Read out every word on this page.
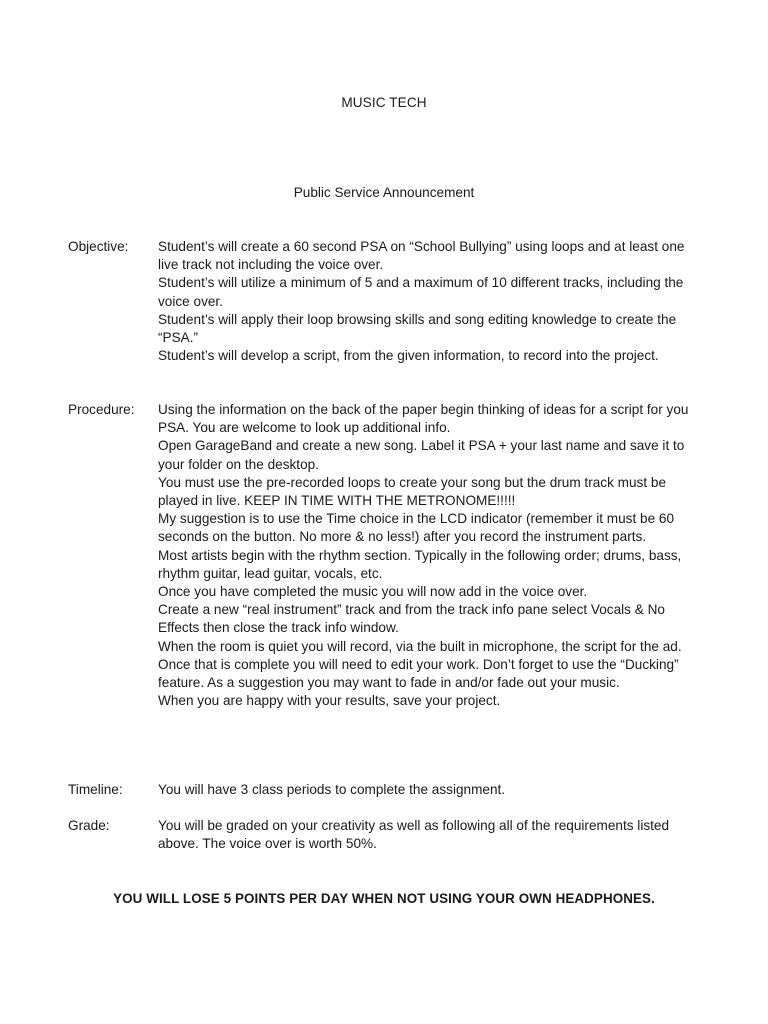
MUSIC TECH
Public Service Announcement
Objective:	Student’s will create a 60 second PSA on “School Bullying” using loops and at least one live track not including the voice over.

Student’s will utilize a minimum of 5 and a maximum of 10 different tracks, including the voice over.

Student’s will apply their loop browsing skills and song editing knowledge to create the “PSA.”

Student’s will develop a script, from the given information, to record into the project.

Procedure:	Using the information on the back of the paper begin thinking of ideas for a script for you PSA. You are welcome to look up additional info.

Open GarageBand and create a new song. Label it PSA + your last name and save it to your folder on the desktop.

You must use the pre-recorded loops to create your song but the drum track must be played in live. KEEP IN TIME WITH THE METRONOME!!!!!

My suggestion is to use the Time choice in the LCD indicator (remember it must be 60 seconds on the button. No more & no less!) after you record the instrument parts.

Most artists begin with the rhythm section. Typically in the following order; drums, bass, rhythm guitar, lead guitar, vocals, etc.

Once you have completed the music you will now add in the voice over.

Create a new “real instrument” track and from the track info pane select Vocals & No Effects then close the track info window.

When the room is quiet you will record, via the built in microphone, the script for the ad.

Once that is complete you will need to edit your work. Don’t forget to use the “Ducking” feature. As a suggestion you may want to fade in and/or fade out your music.

When you are happy with your results, save your project.

Timeline:	You will have 3 class periods to complete the assignment.

Grade:	You will be graded on your creativity as well as following all of the requirements listed above. The voice over is worth 50%.

YOU WILL LOSE 5 POINTS PER DAY WHEN NOT USING YOUR OWN HEADPHONES.
